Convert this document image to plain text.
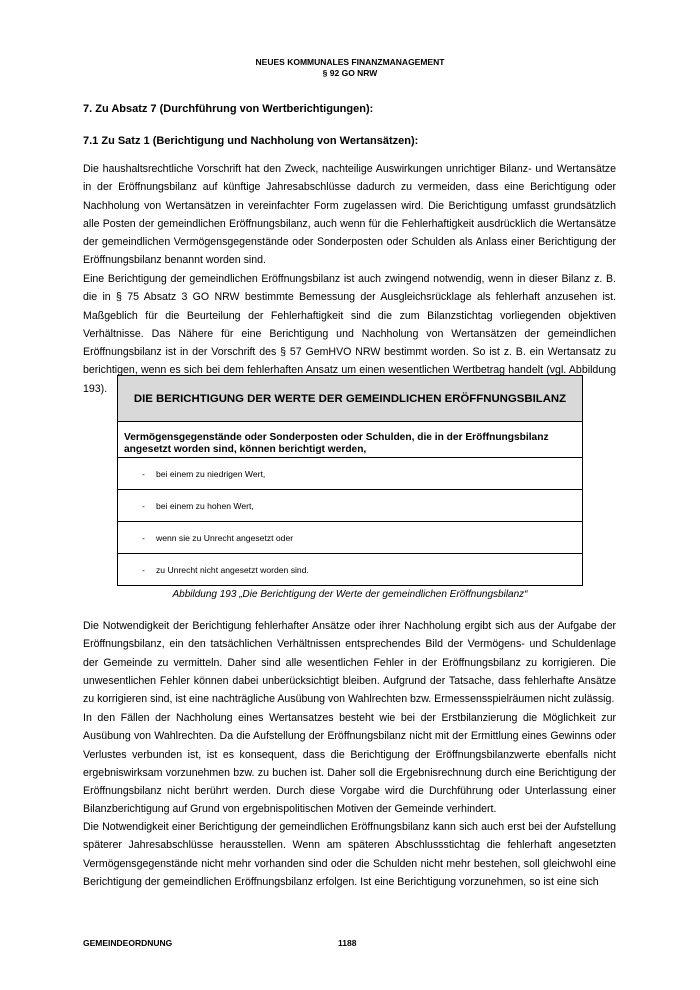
NEUES KOMMUNALES FINANZMANAGEMENT
§ 92 GO NRW
7. Zu Absatz 7 (Durchführung von Wertberichtigungen):
7.1 Zu Satz 1 (Berichtigung und Nachholung von Wertansätzen):

Die haushaltsrechtliche Vorschrift hat den Zweck, nachteilige Auswirkungen unrichtiger Bilanz- und Wertansätze in der Eröffnungsbilanz auf künftige Jahresabschlüsse dadurch zu vermeiden, dass eine Berichtigung oder Nachholung von Wertansätzen in vereinfachter Form zugelassen wird. Die Berichtigung umfasst grundsätzlich alle Posten der gemeindlichen Eröffnungsbilanz, auch wenn für die Fehlerhaftigkeit ausdrücklich die Wertansätze der gemeindlichen Vermögensgegenstände oder Sonderposten oder Schulden als Anlass einer Berichtigung der Eröffnungsbilanz benannt worden sind.

Eine Berichtigung der gemeindlichen Eröffnungsbilanz ist auch zwingend notwendig, wenn in dieser Bilanz z. B. die in § 75 Absatz 3 GO NRW bestimmte Bemessung der Ausgleichsrücklage als fehlerhaft anzusehen ist. Maßgeblich für die Beurteilung der Fehlerhaftigkeit sind die zum Bilanzstichtag vorliegenden objektiven Verhältnisse. Das Nähere für eine Berichtigung und Nachholung von Wertansätzen der gemeindlichen Eröffnungsbilanz ist in der Vorschrift des § 57 GemHVO NRW bestimmt worden. So ist z. B. ein Wertansatz zu berichtigen, wenn es sich bei dem fehlerhaften Ansatz um einen wesentlichen Wertbetrag handelt (vgl. Abbildung 193).

DIE BERICHTIGUNG DER WERTE DER GEMEINDLICHEN ERÖFFNUNGSBILANZ
Vermögensgegenstände oder Sonderposten oder Schulden, die in der Eröffnungsbilanz angesetzt worden sind, können berichtigt werden,
-	bei einem zu niedrigen Wert,
-	bei einem zu hohen Wert,
-	wenn sie zu Unrecht angesetzt oder
-	zu Unrecht nicht angesetzt worden sind.
Abbildung 193 „Die Berichtigung der Werte der gemeindlichen Eröffnungsbilanz“

Die Notwendigkeit der Berichtigung fehlerhafter Ansätze oder ihrer Nachholung ergibt sich aus der Aufgabe der Eröffnungsbilanz, ein den tatsächlichen Verhältnissen entsprechendes Bild der Vermögens- und Schuldenlage der Gemeinde zu vermitteln. Daher sind alle wesentlichen Fehler in der Eröffnungsbilanz zu korrigieren. Die unwesentlichen Fehler können dabei unberücksichtigt bleiben. Aufgrund der Tatsache, dass fehlerhafte Ansätze zu korrigieren sind, ist eine nachträgliche Ausübung von Wahlrechten bzw. Ermessensspielräumen nicht zulässig.

In den Fällen der Nachholung eines Wertansatzes besteht wie bei der Erstbilanzierung die Möglichkeit zur Ausübung von Wahlrechten. Da die Aufstellung der Eröffnungsbilanz nicht mit der Ermittlung eines Gewinns oder Verlustes verbunden ist, ist es konsequent, dass die Berichtigung der Eröffnungsbilanzwerte ebenfalls nicht ergebniswirksam vorzunehmen bzw. zu buchen ist. Daher soll die Ergebnisrechnung durch eine Berichtigung der Eröffnungsbilanz nicht berührt werden. Durch diese Vorgabe wird die Durchführung oder Unterlassung einer Bilanzberichtigung auf Grund von ergebnispolitischen Motiven der Gemeinde verhindert.

Die Notwendigkeit einer Berichtigung der gemeindlichen Eröffnungsbilanz kann sich auch erst bei der Aufstellung späterer Jahresabschlüsse herausstellen. Wenn am späteren Abschlussstichtag die fehlerhaft angesetzten Vermögensgegenstände nicht mehr vorhanden sind oder die Schulden nicht mehr bestehen, soll gleichwohl eine Berichtigung der gemeindlichen Eröffnungsbilanz erfolgen. Ist eine Berichtigung vorzunehmen, so ist eine sich

GEMEINDEORDNUNG	1188
